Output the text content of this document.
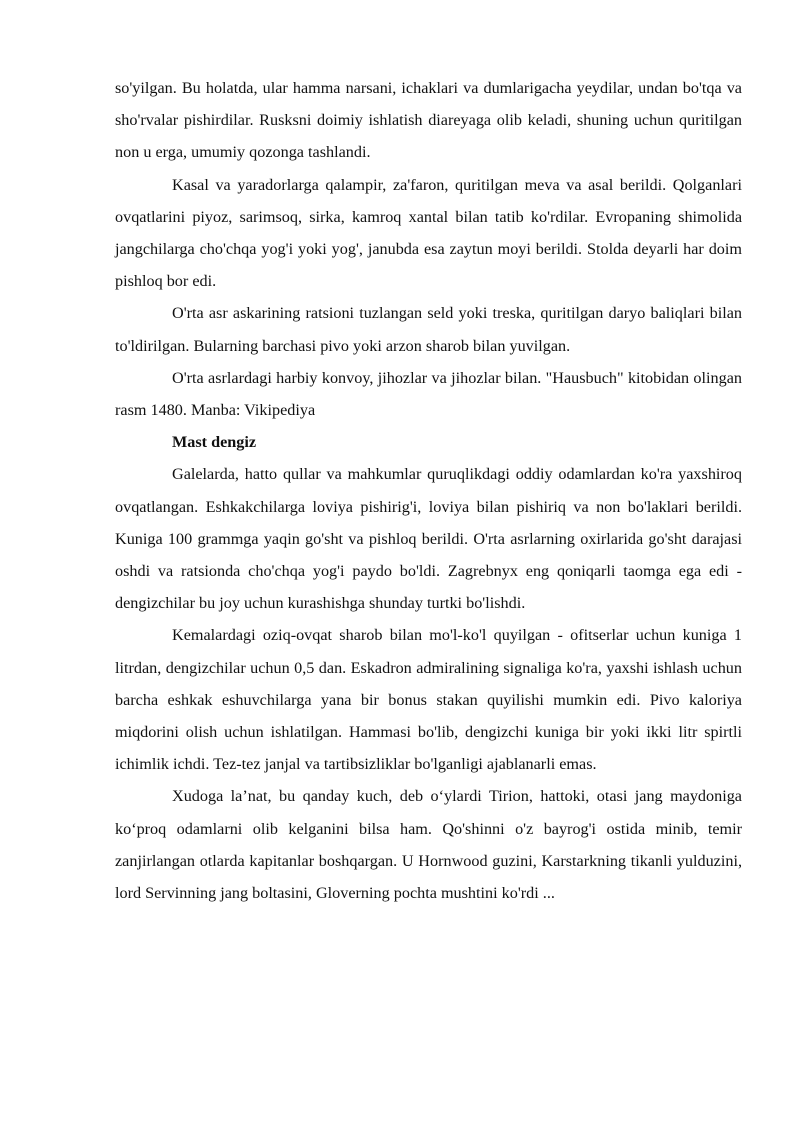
so'yilgan. Bu holatda, ular hamma narsani, ichaklari va dumlarigacha yeydilar, undan bo'tqa va sho'rvalar pishirdilar. Rusksni doimiy ishlatish diareyaga olib keladi, shuning uchun quritilgan non u erga, umumiy qozonga tashlandi.

Kasal va yaradorlarga qalampir, za'faron, quritilgan meva va asal berildi. Qolganlari ovqatlarini piyoz, sarimsoq, sirka, kamroq xantal bilan tatib ko'rdilar. Evropaning shimolida jangchilarga cho'chqa yog'i yoki yog', janubda esa zaytun moyi berildi. Stolda deyarli har doim pishloq bor edi.

O'rta asr askarining ratsioni tuzlangan seld yoki treska, quritilgan daryo baliqlari bilan to'ldirilgan. Bularning barchasi pivo yoki arzon sharob bilan yuvilgan.

O'rta asrlardagi harbiy konvoy, jihozlar va jihozlar bilan. "Hausbuch" kitobidan olingan rasm 1480. Manba: Vikipediya

Mast dengiz

Galelarda, hatto qullar va mahkumlar quruqlikdagi oddiy odamlardan ko'ra yaxshiroq ovqatlangan. Eshkakchilarga loviya pishirig'i, loviya bilan pishiriq va non bo'laklari berildi. Kuniga 100 grammga yaqin go'sht va pishloq berildi. O'rta asrlarning oxirlarida go'sht darajasi oshdi va ratsionda cho'chqa yog'i paydo bo'ldi. Zagrebnyx eng qoniqarli taomga ega edi - dengizchilar bu joy uchun kurashishga shunday turtki bo'lishdi.

Kemalardagi oziq-ovqat sharob bilan mo'l-ko'l quyilgan - ofitserlar uchun kuniga 1 litrdan, dengizchilar uchun 0,5 dan. Eskadron admiralining signaliga ko'ra, yaxshi ishlash uchun barcha eshkak eshuvchilarga yana bir bonus stakan quyilishi mumkin edi. Pivo kaloriya miqdorini olish uchun ishlatilgan. Hammasi bo'lib, dengizchi kuniga bir yoki ikki litr spirtli ichimlik ichdi. Tez-tez janjal va tartibsizliklar bo'lganligi ajablanarli emas.

Xudoga la’nat, bu qanday kuch, deb o‘ylardi Tirion, hattoki, otasi jang maydoniga ko‘proq odamlarni olib kelganini bilsa ham. Qo'shinni o'z bayrog'i ostida minib, temir zanjirlangan otlarda kapitanlar boshqargan. U Hornwood guzini, Karstarkning tikanli yulduzini, lord Servinning jang boltasini, Gloverning pochta mushtini ko'rdi ...
